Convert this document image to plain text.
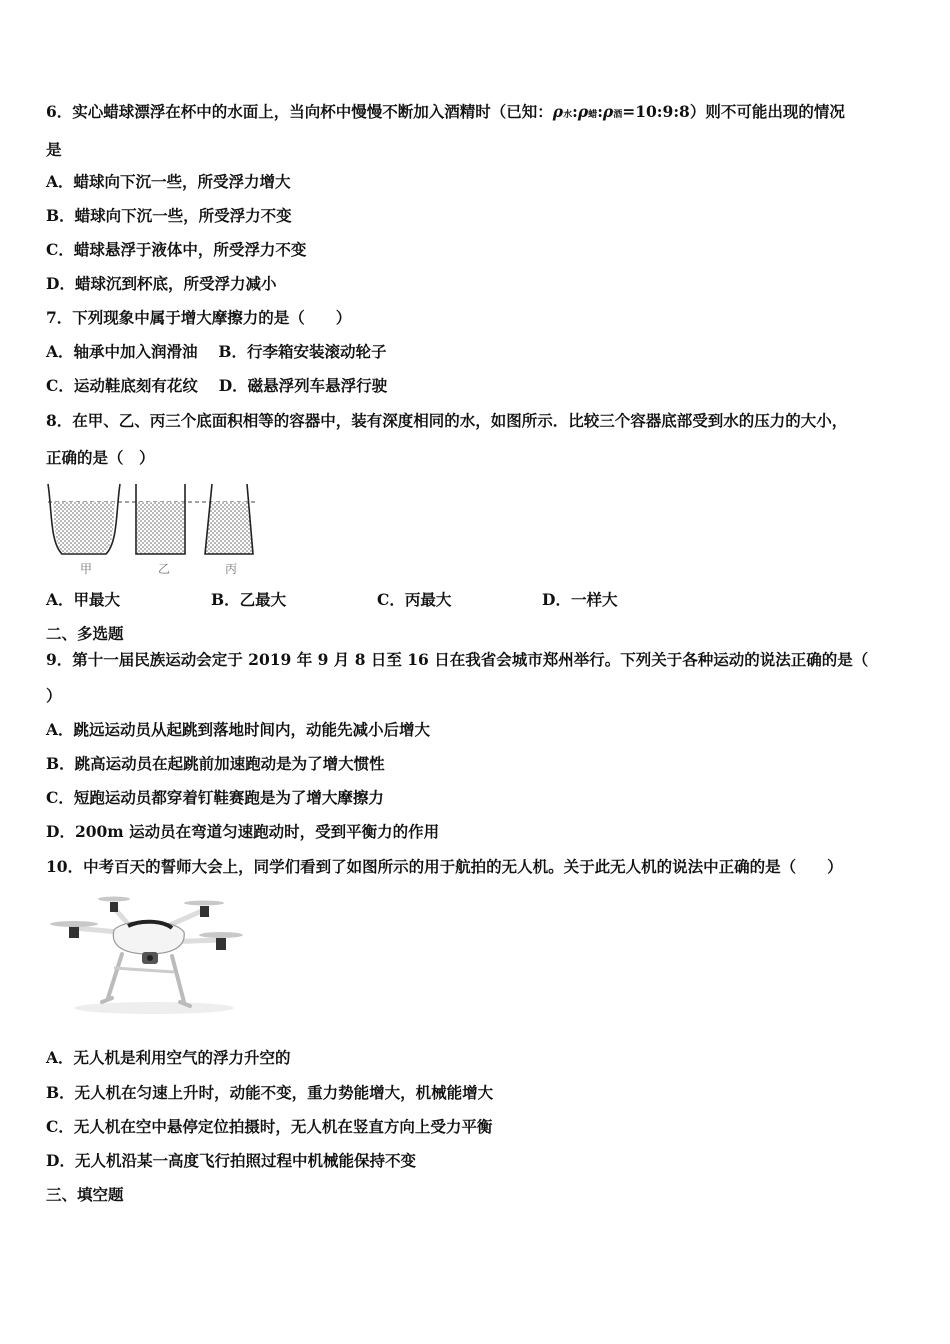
6．实心蜡球漂浮在杯中的水面上，当向杯中慢慢不断加入酒精时（已知：ρ水:ρ蜡:ρ酒=10:9:8）则不可能出现的情况
是
A．蜡球向下沉一些，所受浮力增大
B．蜡球向下沉一些，所受浮力不变
C．蜡球悬浮于液体中，所受浮力不变
D．蜡球沉到杯底，所受浮力减小
7．下列现象中属于增大摩擦力的是（　　）
A．轴承中加入润滑油　 B．行李箱安装滚动轮子
C．运动鞋底刻有花纹　 D．磁悬浮列车悬浮行驶
8．在甲、乙、丙三个底面积相等的容器中，装有深度相同的水，如图所示．比较三个容器底部受到水的压力的大小，
正确的是（　）
甲	乙	丙
A．甲最大	B．乙最大	C．丙最大	D．一样大
二、多选题
9．第十一届民族运动会定于 2019 年 9 月 8 日至 16 日在我省会城市郑州举行。下列关于各种运动的说法正确的是（
）
A．跳远运动员从起跳到落地时间内，动能先减小后增大
B．跳高运动员在起跳前加速跑动是为了增大惯性
C．短跑运动员都穿着钉鞋赛跑是为了增大摩擦力
D．200m 运动员在弯道匀速跑动时，受到平衡力的作用
10．中考百天的誓师大会上，同学们看到了如图所示的用于航拍的无人机。关于此无人机的说法中正确的是（　　）
A．无人机是利用空气的浮力升空的
B．无人机在匀速上升时，动能不变，重力势能增大，机械能增大
C．无人机在空中悬停定位拍摄时，无人机在竖直方向上受力平衡
D．无人机沿某一高度飞行拍照过程中机械能保持不变
三、填空题
